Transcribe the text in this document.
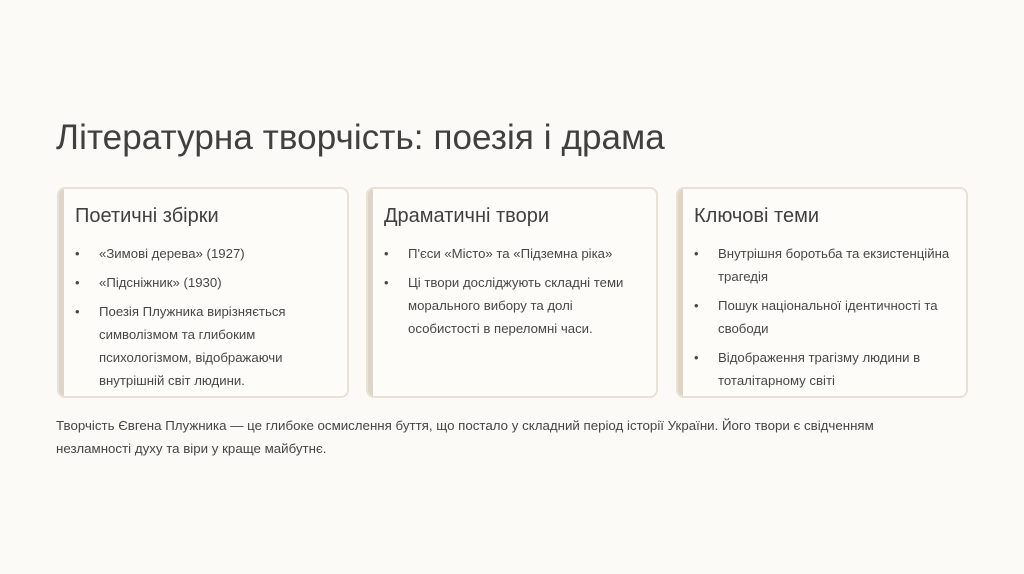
Літературна творчість: поезія і драма
Поетичні збірки
• «Зимові дерева» (1927)
• «Підсніжник» (1930)
• Поезія Плужника вирізняється символізмом та глибоким психологізмом, відображаючи внутрішній світ людини.
Драматичні твори
• П'єси «Місто» та «Підземна ріка»
• Ці твори досліджують складні теми морального вибору та долі особистості в переломні часи.
Ключові теми
• Внутрішня боротьба та екзистенційна трагедія
• Пошук національної ідентичності та свободи
• Відображення трагізму людини в тоталітарному світі

Творчість Євгена Плужника — це глибоке осмислення буття, що постало у складний період історії України. Його твори є свідченням незламності духу та віри у краще майбутнє.
